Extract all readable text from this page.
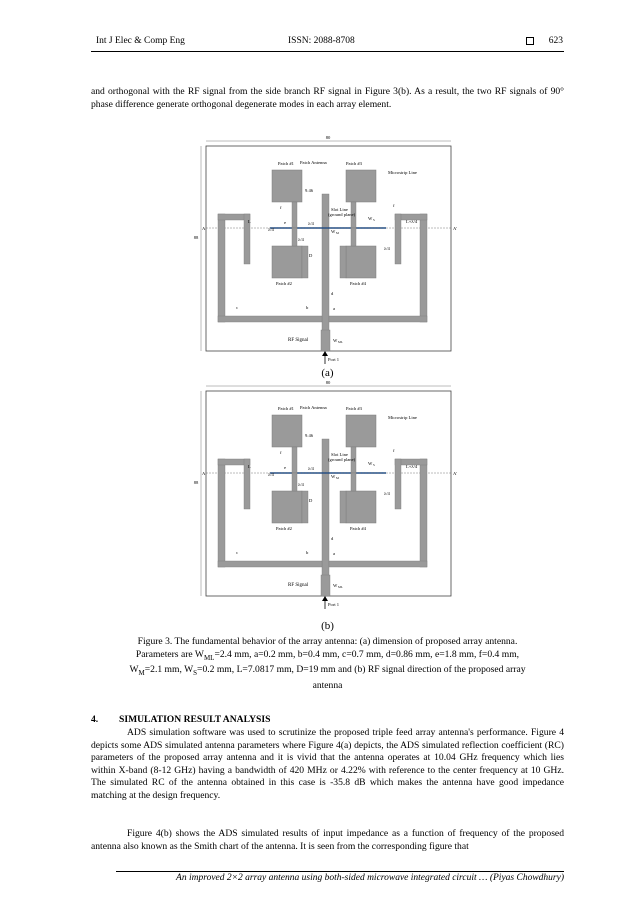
Int J Elec & Comp Eng	ISSN: 2088-8708	623
and orthogonal with the RF signal from the side branch RF signal in Figure 3(b). As a result, the two RF signals of 90° phase difference generate orthogonal degenerate modes in each array element.
80
88
Patch #1 Patch Antenna	Patch #3
Patch #2	Patch #4
Microstrip Line
Slot Line
(ground plane)
9.46
A	A'
L	L+λ/4
λ/4
λ/4
λ/4
λ/4
f	f
e
D
d
a
b
c
W S
W M
W ML
RF Signal
Port 1
(a)
80
88
Patch #1 Patch Antenna	Patch #3
Patch #2	Patch #4
Microstrip Line
Slot Line
(ground plane)
9.46
A	A'
L	L+λ/4
λ/4
λ/4
λ/4
λ/4
f	f
e
D
d
a
b
c
W S
W M
W ML
RF Signal
Port 1
(b)
Figure 3. The fundamental behavior of the array antenna: (a) dimension of proposed array antenna.
Parameters are $W_{ML}=2.4$ mm, a=0.2 mm, b=0.4 mm, c=0.7 mm, d=0.86 mm, e=1.8 mm, f=0.4 mm,
$W_M=2.1$ mm, $W_S=0.2$ mm, L=7.0817 mm, D=19 mm and (b) RF signal direction of the proposed array
antenna
4. SIMULATION RESULT ANALYSIS
ADS simulation software was used to scrutinize the proposed triple feed array antenna's performance. Figure 4 depicts some ADS simulated antenna parameters where Figure 4(a) depicts, the ADS simulated reflection coefficient (RC) parameters of the proposed array antenna and it is vivid that the antenna operates at 10.04 GHz frequency which lies within X-band (8-12 GHz) having a bandwidth of 420 MHz or 4.22% with reference to the center frequency at 10 GHz. The simulated RC of the antenna obtained in this case is -35.8 dB which makes the antenna have good impedance matching at the design frequency.
Figure 4(b) shows the ADS simulated results of input impedance as a function of frequency of the proposed antenna also known as the Smith chart of the antenna. It is seen from the corresponding figure that
An improved 2×2 array antenna using both-sided microwave integrated circuit … (Piyas Chowdhury)
